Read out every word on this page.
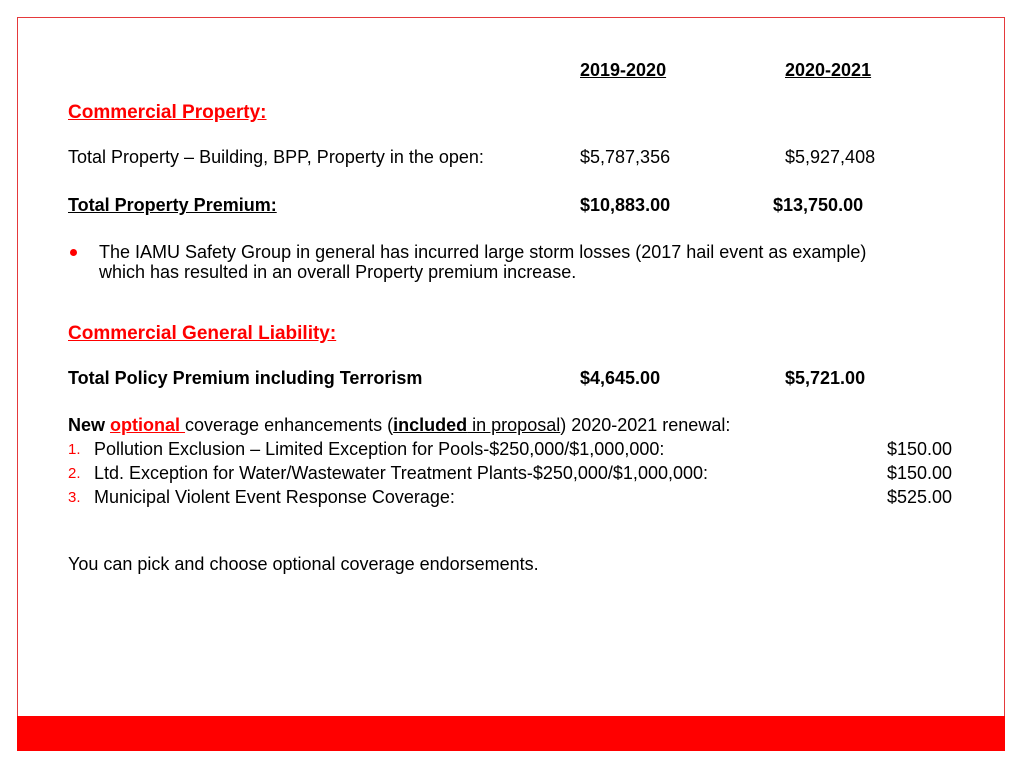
2019-2020	2020-2021
Commercial Property:
Total Property – Building, BPP, Property in the open:	$5,787,356	$5,927,408
Total Property Premium:	$10,883.00	$13,750.00
The IAMU Safety Group in general has incurred large storm losses (2017 hail event as example)
which has resulted in an overall Property premium increase.
Commercial General Liability:
Total Policy Premium including Terrorism	$4,645.00	$5,721.00
New optional coverage enhancements (included in proposal) 2020-2021 renewal:
1. Pollution Exclusion – Limited Exception for Pools-$250,000/$1,000,000:	$150.00
2. Ltd. Exception for Water/Wastewater Treatment Plants-$250,000/$1,000,000:	$150.00
3. Municipal Violent Event Response Coverage:	$525.00
You can pick and choose optional coverage endorsements.
